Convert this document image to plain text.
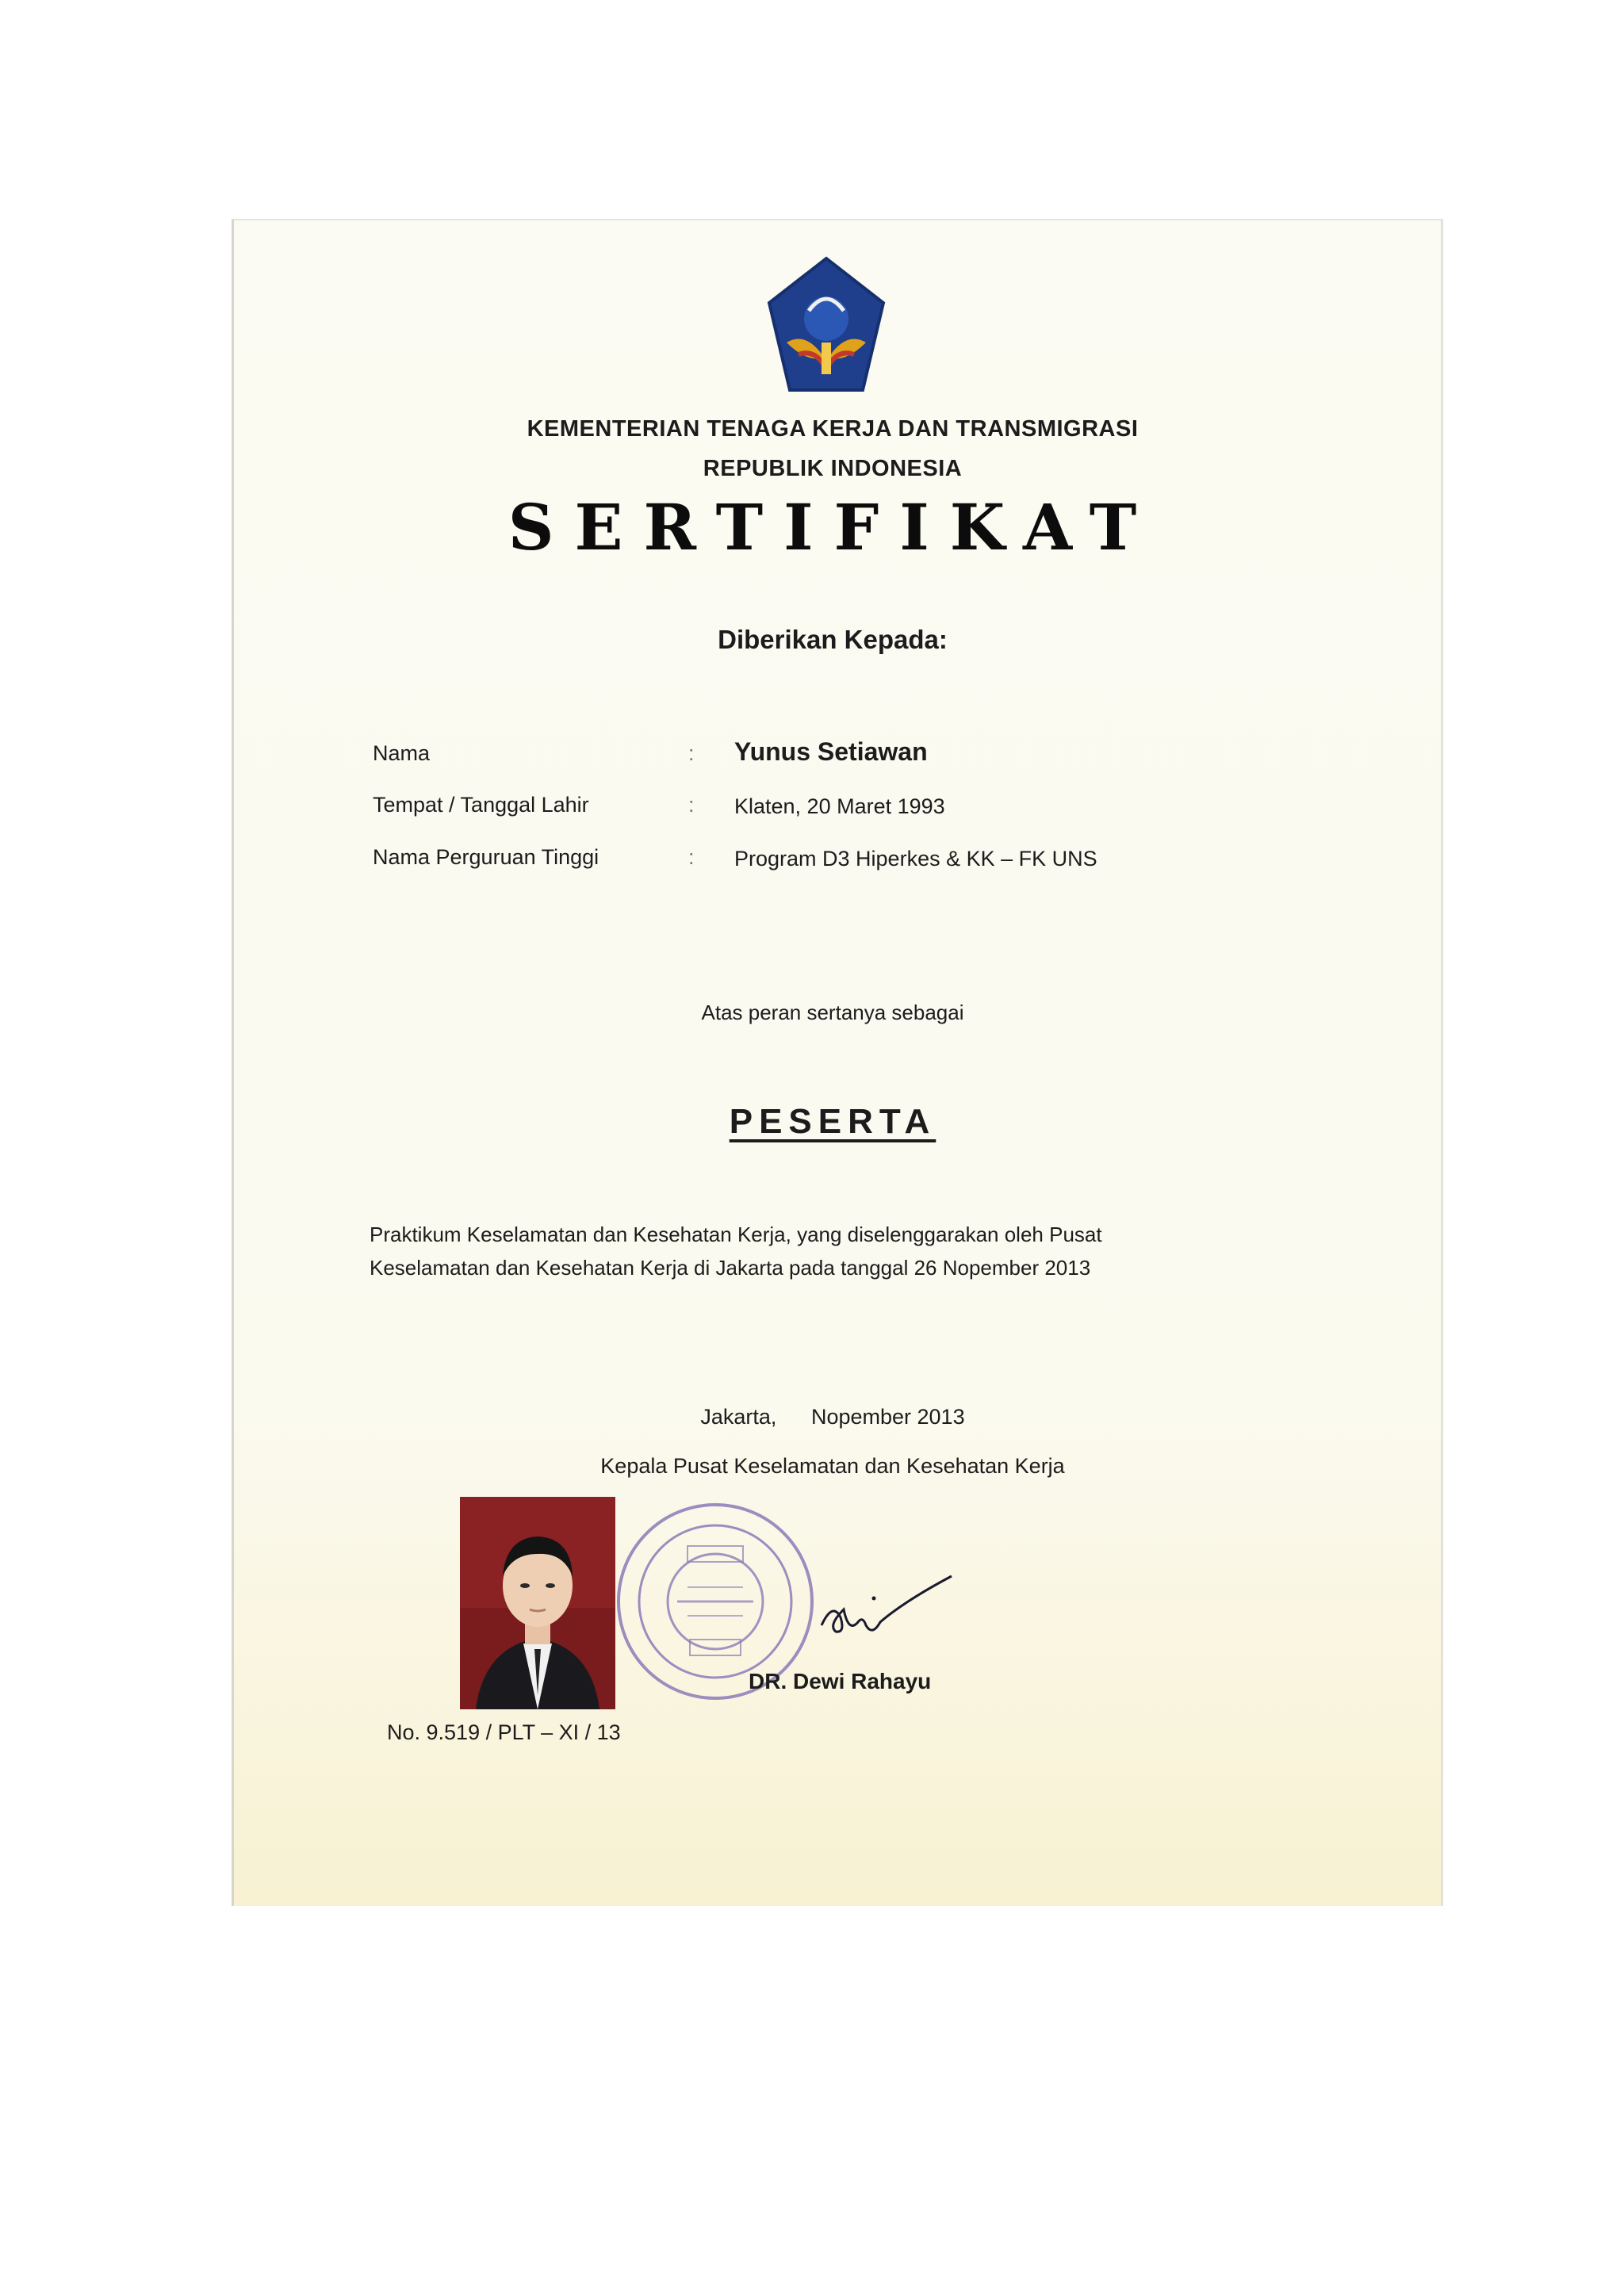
KEMENTERIAN TENAGA KERJA DAN TRANSMIGRASI
REPUBLIK INDONESIA
SERTIFIKAT
Diberikan Kepada:
Nama	: Yunus Setiawan
Tempat / Tanggal Lahir	: Klaten, 20 Maret 1993
Nama Perguruan Tinggi	: Program D3 Hiperkes & KK – FK UNS
Atas peran sertanya sebagai
PESERTA
Praktikum Keselamatan dan Kesehatan Kerja, yang diselenggarakan oleh Pusat
Keselamatan dan Kesehatan Kerja di Jakarta pada tanggal 26 Nopember 2013
Jakarta, Nopember 2013
Kepala Pusat Keselamatan dan Kesehatan Kerja
DR. Dewi Rahayu
No. 9.519 / PLT – XI / 13
